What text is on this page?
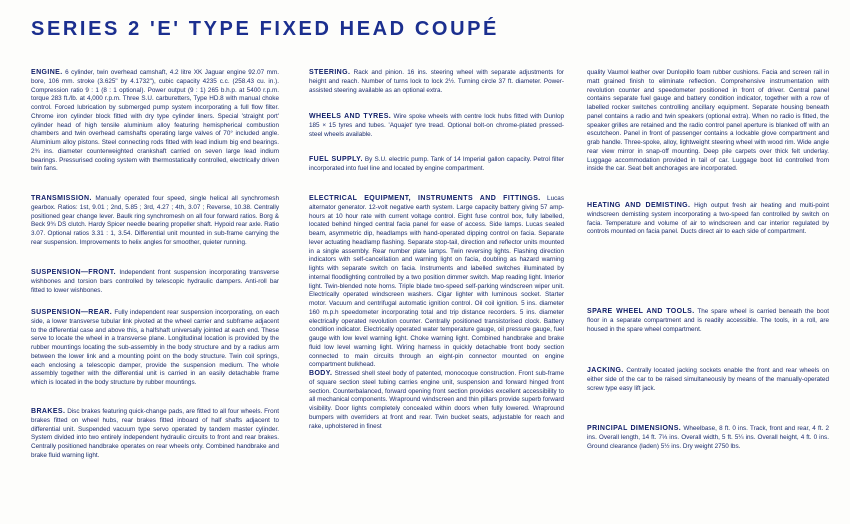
SERIES 2 'E' TYPE FIXED HEAD COUPÉ

ENGINE. 6 cylinder, twin overhead camshaft, 4.2 litre XK Jaguar engine 92.07 mm. bore, 106 mm. stroke (3.625" by 4.1732"), cubic capacity 4235 c.c. (258.43 cu. in.). Compression ratio 9 : 1 (8 : 1 optional). Power output (9 : 1) 265 b.h.p. at 5400 r.p.m. torque 283 ft./lb. at 4,000 r.p.m. Three S.U. carburetters, Type HD.8 with manual choke control. Forced lubrication by submerged pump system incorporating a full flow filter. Chrome iron cylinder block fitted with dry type cylinder liners. Special 'straight port' cylinder head of high tensile aluminium alloy featuring hemispherical combustion chambers and twin overhead camshafts operating large valves of 70° included angle. Aluminium alloy pistons. Steel connecting rods fitted with lead indium big end bearings. 2¾ ins. diameter counterweighted crankshaft carried on seven large lead indium bearings. Pressurised cooling system with thermostatically controlled, electrically driven twin fans.

TRANSMISSION. Manually operated four speed, single helical all synchromesh gearbox. Ratios: 1st, 9.01 ; 2nd, 5.85 ; 3rd, 4.27 ; 4th, 3.07 ; Reverse, 10.38. Centrally positioned gear change lever. Baulk ring synchromesh on all four forward ratios. Borg & Beck 9¾ DS clutch. Hardy Spicer needle bearing propeller shaft. Hypoid rear axle. Ratio 3.07. Optional ratios 3.31 : 1, 3.54. Differential unit mounted in sub-frame carrying the rear suspension. Improvements to helix angles for smoother, quieter running.

SUSPENSION—FRONT. Independent front suspension incorporating transverse wishbones and torsion bars controlled by telescopic hydraulic dampers. Anti-roll bar fitted to lower wishbones.

SUSPENSION—REAR. Fully independent rear suspension incorporating, on each side, a lower transverse tubular link pivoted at the wheel carrier and subframe adjacent to the differential case and above this, a halfshaft universally jointed at each end. These serve to locate the wheel in a transverse plane. Longitudinal location is provided by the rubber mountings locating the sub-assembly in the body structure and by a radius arm between the lower link and a mounting point on the body structure. Twin coil springs, each enclosing a telescopic damper, provide the suspension medium. The whole assembly together with the differential unit is carried in an easily detachable frame which is located in the body structure by rubber mountings.

BRAKES. Disc brakes featuring quick-change pads, are fitted to all four wheels. Front brakes fitted on wheel hubs, rear brakes fitted inboard of half shafts adjacent to differential unit. Suspended vacuum type servo operated by tandem master cylinder. System divided into two entirely independent hydraulic circuits to front and rear brakes. Centrally positioned handbrake operates on rear wheels only. Combined handbrake and brake fluid warning light.

STEERING. Rack and pinion. 16 ins. steering wheel with separate adjustments for height and reach. Number of turns lock to lock 2½. Turning circle 37 ft. diameter. Power-assisted steering available as an optional extra.

WHEELS AND TYRES. Wire spoke wheels with centre lock hubs fitted with Dunlop 185 × 15 tyres and tubes. 'Aquajet' tyre tread. Optional bolt-on chrome-plated pressed-steel wheels available.

FUEL SUPPLY. By S.U. electric pump. Tank of 14 Imperial gallon capacity. Petrol filter incorporated into fuel line and located by engine compartment.

ELECTRICAL EQUIPMENT, INSTRUMENTS AND FITTINGS. Lucas alternator generator. 12-volt negative earth system. Large capacity battery giving 57 amp-hours at 10 hour rate with current voltage control. Eight fuse control box, fully labelled, located behind hinged central facia panel for ease of access. Side lamps. Lucas sealed beam, asymmetric dip, headlamps with hand-operated dipping control on facia. Separate lever actuating headlamp flashing. Separate stop-tail, direction and reflector units mounted in a single assembly. Rear number plate lamps. Twin reversing lights. Flashing direction indicators with self-cancellation and warning light on facia, doubling as hazard warning lights with separate switch on facia. Instruments and labelled switches illuminated by internal floodlighting controlled by a two position dimmer switch. Map reading light. Interior light. Twin-blended note horns. Triple blade two-speed self-parking windscreen wiper unit. Electrically operated windscreen washers. Cigar lighter with luminous socket. Starter motor. Vacuum and centrifugal automatic ignition control. Oil coil ignition. 5 ins. diameter 160 m.p.h speedometer incorporating total and trip distance recorders. 5 ins. diameter electrically operated revolution counter. Centrally positioned transistorised clock. Battery condition indicator. Electrically operated water temperature gauge, oil pressure gauge, fuel gauge with low level warning light. Choke warning light. Combined handbrake and brake fluid low level warning light. Wiring harness in quickly detachable front body section connected to main circuits through an eight-pin connector mounted on engine compartment bulkhead.

BODY. Stressed shell steel body of patented, monocoque construction. Front sub-frame of square section steel tubing carries engine unit, suspension and forward hinged front section. Counterbalanced, forward opening front section provides excellent accessibility to all mechanical components. Wrapround windscreen and thin pillars provide superb forward visibility. Door lights completely concealed within doors when fully lowered. Wrapround bumpers with overriders at front and rear. Twin bucket seats, adjustable for reach and rake, upholstered in finest

quality Vaumol leather over Dunlopillo foam rubber cushions. Facia and screen rail in matt grained finish to eliminate reflection. Comprehensive instrumentation with revolution counter and speedometer positioned in front of driver. Central panel contains separate fuel gauge and battery condition indicator, together with a row of labelled rocker switches controlling ancillary equipment. Separate housing beneath panel contains a radio and twin speakers (optional extra). When no radio is fitted, the speaker grilles are retained and the radio control panel aperture is blanked off with an escutcheon. Panel in front of passenger contains a lockable glove compartment and grab handle. Three-spoke, alloy, lightweight steering wheel with wood rim. Wide angle rear view mirror in snap-off mounting. Deep pile carpets over thick felt underlay. Luggage accommodation provided in tail of car. Luggage boot lid controlled from inside the car. Seat belt anchorages are incorporated.

HEATING AND DEMISTING. High output fresh air heating and multi-point windscreen demisting system incorporating a two-speed fan controlled by switch on facia. Temperature and volume of air to windscreen and car interior regulated by controls mounted on facia panel. Ducts direct air to each side of compartment.

SPARE WHEEL AND TOOLS. The spare wheel is carried beneath the boot floor in a separate compartment and is readily accessible. The tools, in a roll, are housed in the spare wheel compartment.

JACKING. Centrally located jacking sockets enable the front and rear wheels on either side of the car to be raised simultaneously by means of the manually-operated screw type easy lift jack.

PRINCIPAL DIMENSIONS. Wheelbase, 8 ft. 0 ins. Track, front and rear, 4 ft. 2 ins. Overall length, 14 ft. 7⅓ ins. Overall width, 5 ft. 5¼ ins. Overall height, 4 ft. 0 ins. Ground clearance (laden) 5½ ins. Dry weight 2750 lbs.
